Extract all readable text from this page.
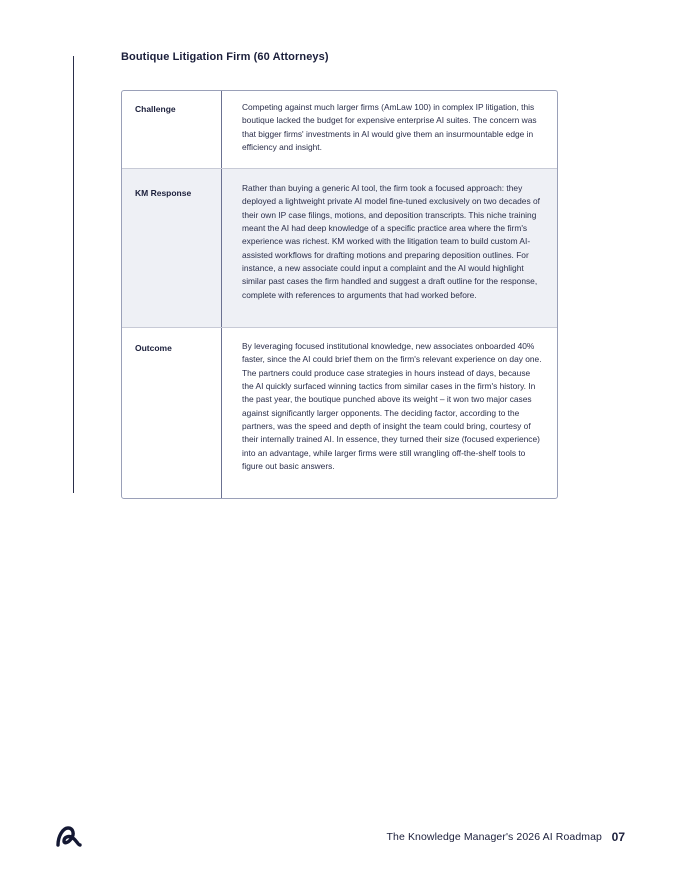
Boutique Litigation Firm (60 Attorneys)
Challenge	Competing against much larger firms (AmLaw 100) in complex IP litigation, this boutique lacked the budget for expensive enterprise AI suites. The concern was that bigger firms' investments in AI would give them an insurmountable edge in efficiency and insight.
KM Response	Rather than buying a generic AI tool, the firm took a focused approach: they deployed a lightweight private AI model fine-tuned exclusively on two decades of their own IP case filings, motions, and deposition transcripts. This niche training meant the AI had deep knowledge of a specific practice area where the firm's experience was richest. KM worked with the litigation team to build custom AI-assisted workflows for drafting motions and preparing deposition outlines. For instance, a new associate could input a complaint and the AI would highlight similar past cases the firm handled and suggest a draft outline for the response, complete with references to arguments that had worked before.
Outcome	By leveraging focused institutional knowledge, new associates onboarded 40% faster, since the AI could brief them on the firm's relevant experience on day one. The partners could produce case strategies in hours instead of days, because the AI quickly surfaced winning tactics from similar cases in the firm's history. In the past year, the boutique punched above its weight – it won two major cases against significantly larger opponents. The deciding factor, according to the partners, was the speed and depth of insight the team could bring, courtesy of their internally trained AI. In essence, they turned their size (focused experience) into an advantage, while larger firms were still wrangling off-the-shelf tools to figure out basic answers.
The Knowledge Manager's 2026 AI Roadmap 07
